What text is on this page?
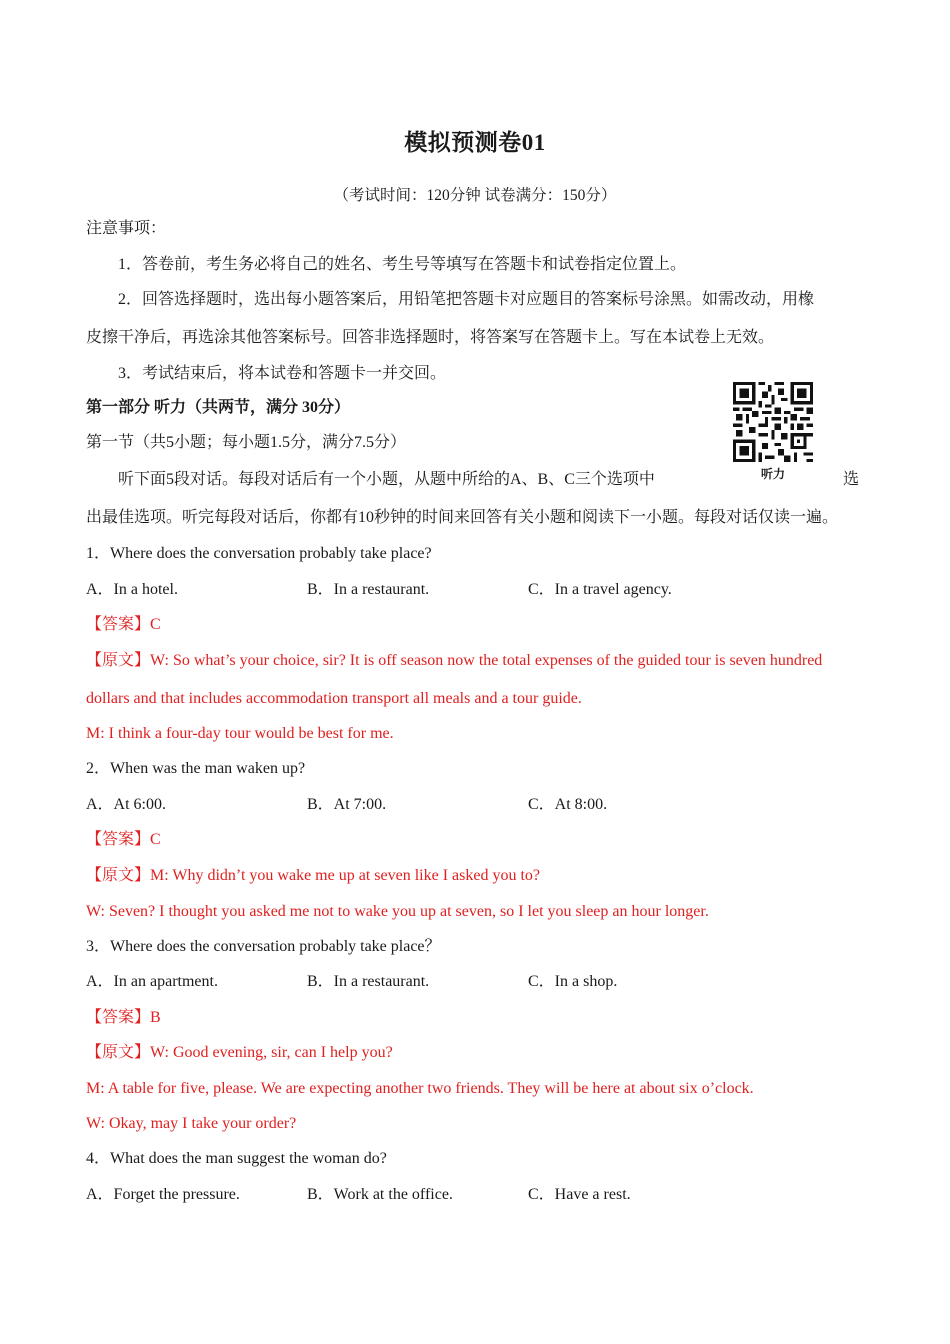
模拟预测卷01
（考试时间：120分钟 试卷满分：150分）
注意事项：
1．答卷前，考生务必将自己的姓名、考生号等填写在答题卡和试卷指定位置上。
2．回答选择题时，选出每小题答案后，用铅笔把答题卡对应题目的答案标号涂黑。如需改动，用橡
皮擦干净后，再选涂其他答案标号。回答非选择题时，将答案写在答题卡上。写在本试卷上无效。
3．考试结束后，将本试卷和答题卡一并交回。
第一部分 听力（共两节，满分 30分）
第一节（共5小题；每小题1.5分，满分7.5分）
听下面5段对话。每段对话后有一个小题，从题中所给的A、B、C三个选项中	选
出最佳选项。听完每段对话后，你都有10秒钟的时间来回答有关小题和阅读下一小题。每段对话仅读一遍。
听力
1．Where does the conversation probably take place?
A．In a hotel.	B．In a restaurant.	C．In a travel agency.
【答案】C
【原文】W: So what’s your choice, sir? It is off season now the total expenses of the guided tour is seven hundred
dollars and that includes accommodation transport all meals and a tour guide.
M: I think a four-day tour would be best for me.
2．When was the man waken up?
A．At 6:00.	B．At 7:00.	C．At 8:00.
【答案】C
【原文】M: Why didn’t you wake me up at seven like I asked you to?
W: Seven? I thought you asked me not to wake you up at seven, so I let you sleep an hour longer.
3．Where does the conversation probably take place？
A．In an apartment.	B．In a restaurant.	C．In a shop.
【答案】B
【原文】W: Good evening, sir, can I help you?
M: A table for five, please. We are expecting another two friends. They will be here at about six o’clock.
W: Okay, may I take your order?
4．What does the man suggest the woman do?
A．Forget the pressure.	B．Work at the office.	C．Have a rest.
